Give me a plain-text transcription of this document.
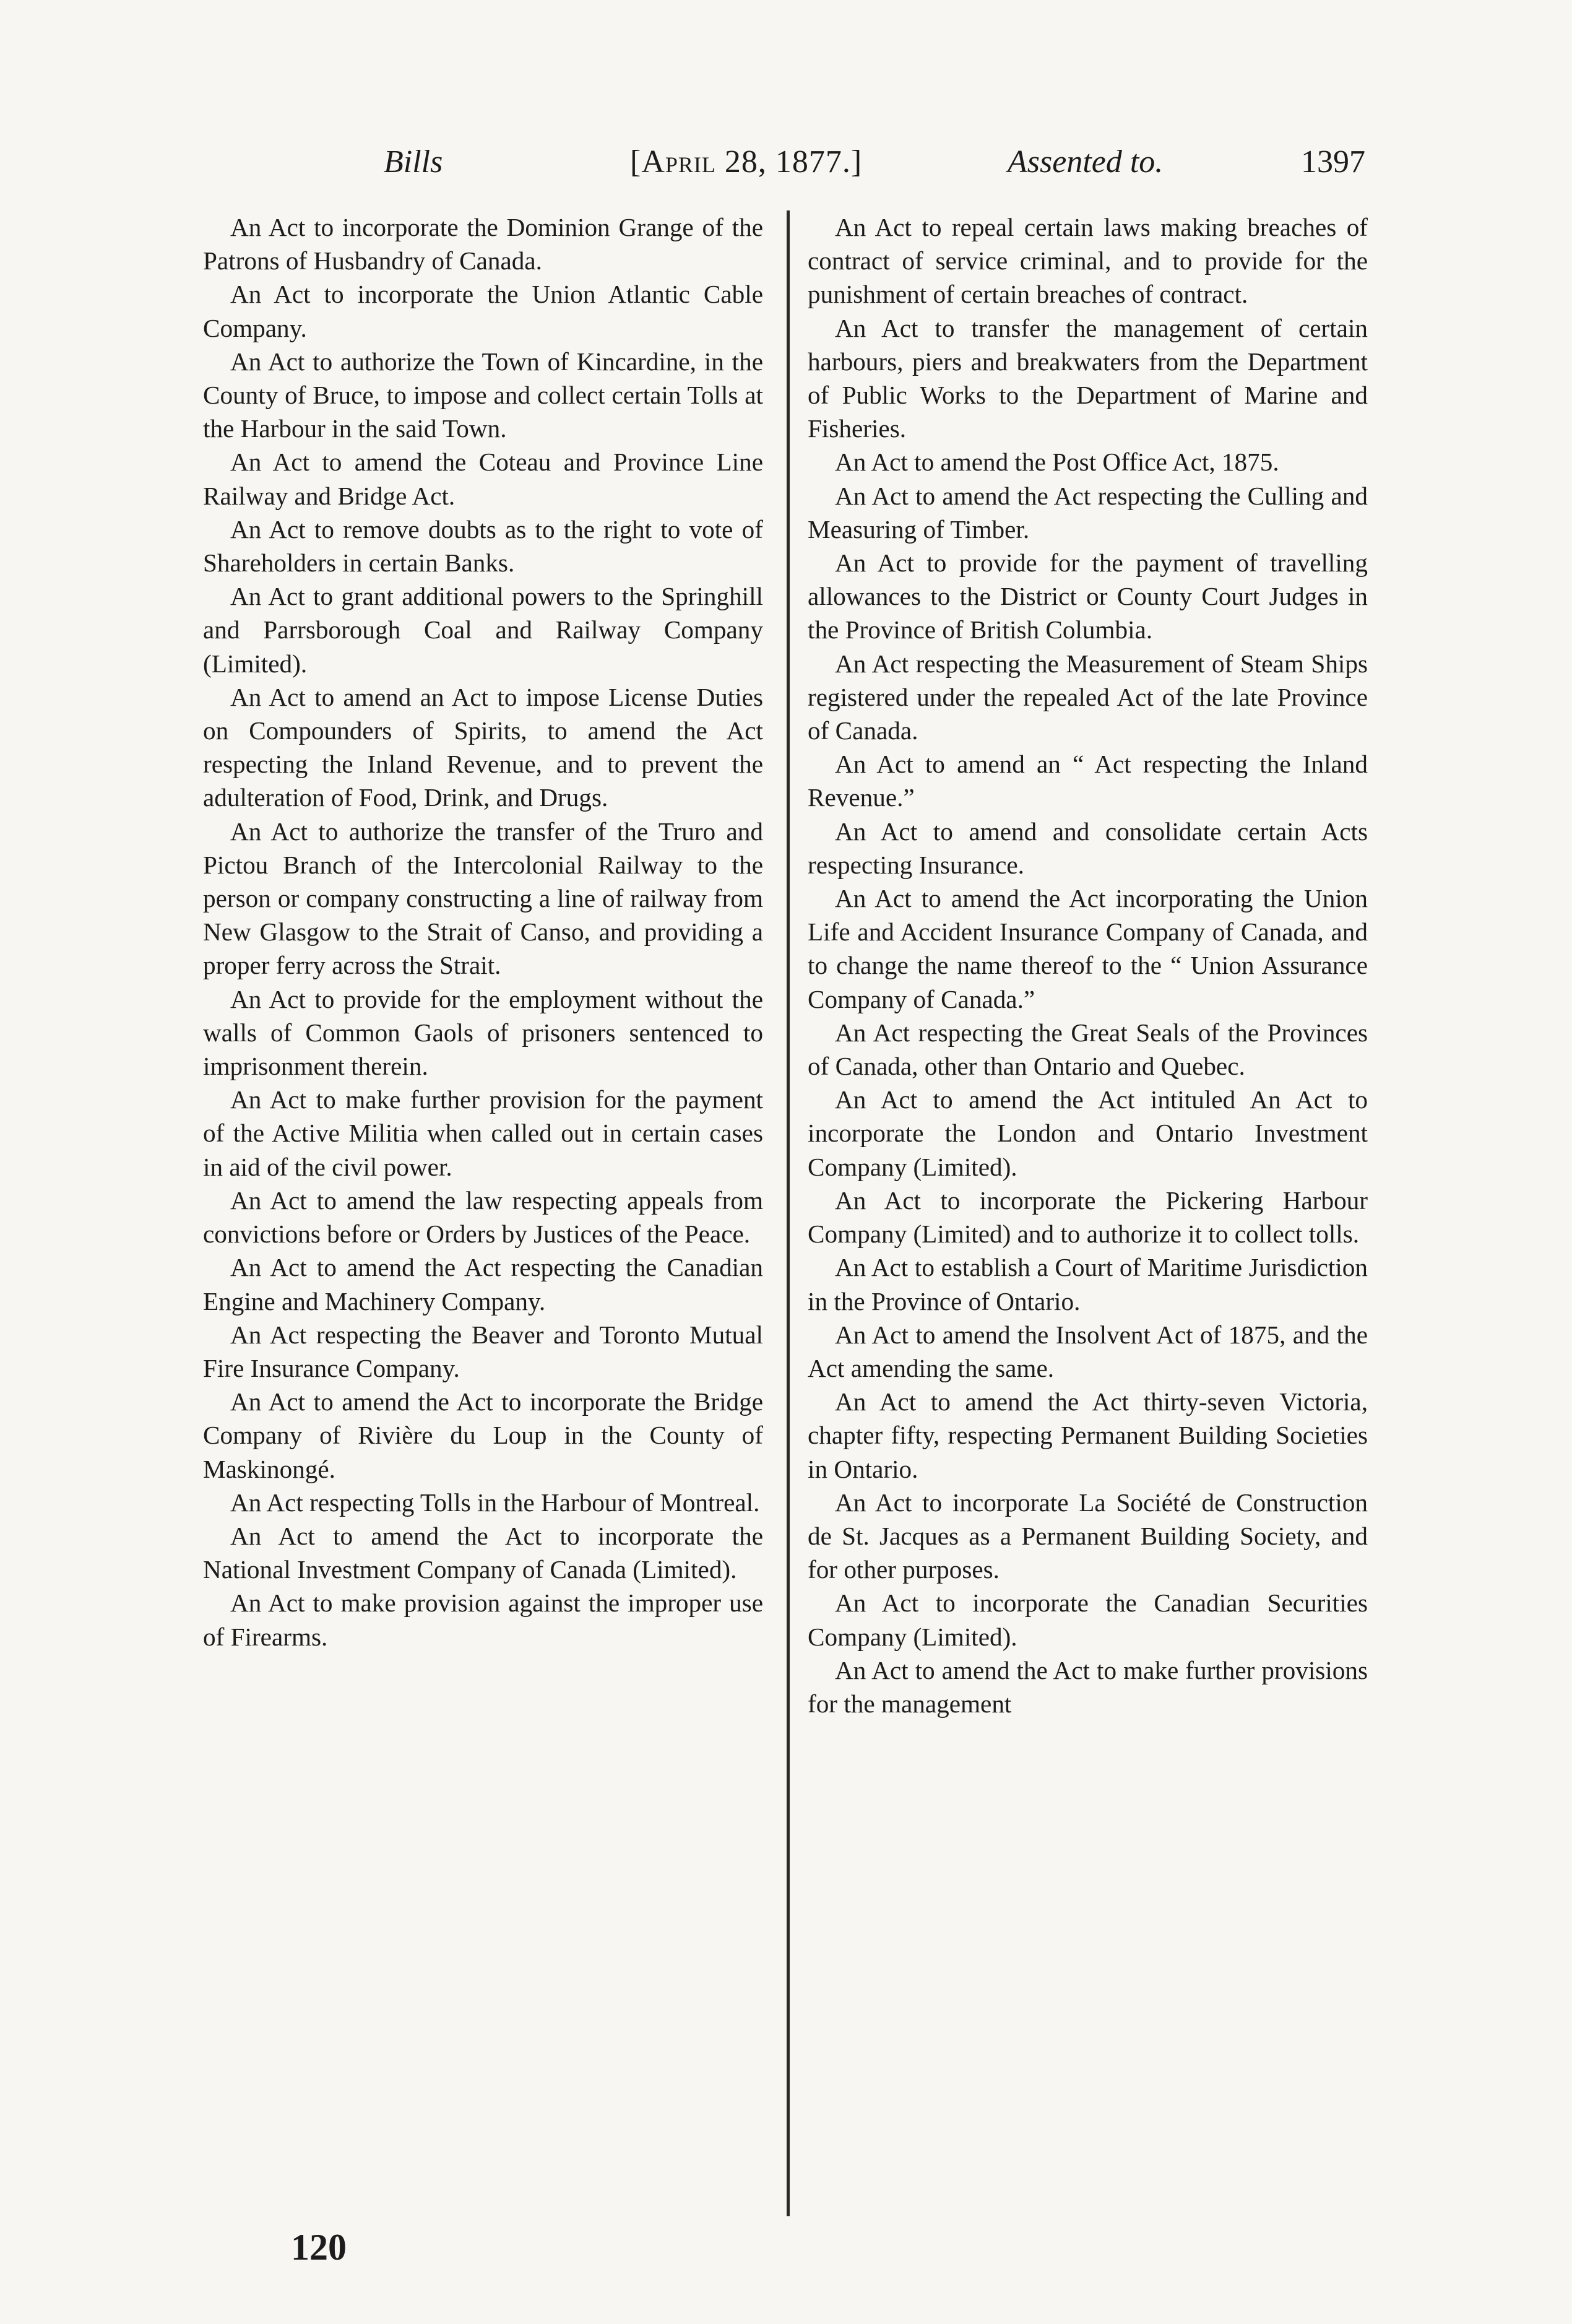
Bills	[April 28, 1877.]	Assented to.	1397

An Act to incorporate the Dominion Grange of the Patrons of Husbandry of Canada.

An Act to incorporate the Union Atlantic Cable Company.

An Act to authorize the Town of Kincardine, in the County of Bruce, to impose and collect certain Tolls at the Harbour in the said Town.

An Act to amend the Coteau and Province Line Railway and Bridge Act.

An Act to remove doubts as to the right to vote of Shareholders in certain Banks.

An Act to grant additional powers to the Springhill and Parrsborough Coal and Railway Company (Limited).

An Act to amend an Act to impose License Duties on Compounders of Spirits, to amend the Act respecting the Inland Revenue, and to prevent the adulteration of Food, Drink, and Drugs.

An Act to authorize the transfer of the Truro and Pictou Branch of the Intercolonial Railway to the person or company constructing a line of railway from New Glasgow to the Strait of Canso, and providing a proper ferry across the Strait.

An Act to provide for the employment without the walls of Common Gaols of prisoners sentenced to imprisonment therein.

An Act to make further provision for the payment of the Active Militia when called out in certain cases in aid of the civil power.

An Act to amend the law respecting appeals from convictions before or Orders by Justices of the Peace.

An Act to amend the Act respecting the Canadian Engine and Machinery Company.

An Act respecting the Beaver and Toronto Mutual Fire Insurance Company.

An Act to amend the Act to incorporate the Bridge Company of Rivière du Loup in the County of Maskinongé.

An Act respecting Tolls in the Harbour of Montreal.

An Act to amend the Act to incorporate the National Investment Company of Canada (Limited).

An Act to make provision against the improper use of Firearms.

An Act to repeal certain laws making breaches of contract of service criminal, and to provide for the punishment of certain breaches of contract.

An Act to transfer the management of certain harbours, piers and breakwaters from the Department of Public Works to the Department of Marine and Fisheries.

An Act to amend the Post Office Act, 1875.

An Act to amend the Act respecting the Culling and Measuring of Timber.

An Act to provide for the payment of travelling allowances to the District or County Court Judges in the Province of British Columbia.

An Act respecting the Measurement of Steam Ships registered under the repealed Act of the late Province of Canada.

An Act to amend an “ Act respecting the Inland Revenue.”

An Act to amend and consolidate certain Acts respecting Insurance.

An Act to amend the Act incorporating the Union Life and Accident Insurance Company of Canada, and to change the name thereof to the “ Union Assurance Company of Canada.”

An Act respecting the Great Seals of the Provinces of Canada, other than Ontario and Quebec.

An Act to amend the Act intituled An Act to incorporate the London and Ontario Investment Company (Limited).

An Act to incorporate the Pickering Harbour Company (Limited) and to authorize it to collect tolls.

An Act to establish a Court of Maritime Jurisdiction in the Province of Ontario.

An Act to amend the Insolvent Act of 1875, and the Act amending the same.

An Act to amend the Act thirty-seven Victoria, chapter fifty, respecting Permanent Building Societies in Ontario.

An Act to incorporate La Société de Construction de St. Jacques as a Permanent Building Society, and for other purposes.

An Act to incorporate the Canadian Securities Company (Limited).

An Act to amend the Act to make further provisions for the management

120
